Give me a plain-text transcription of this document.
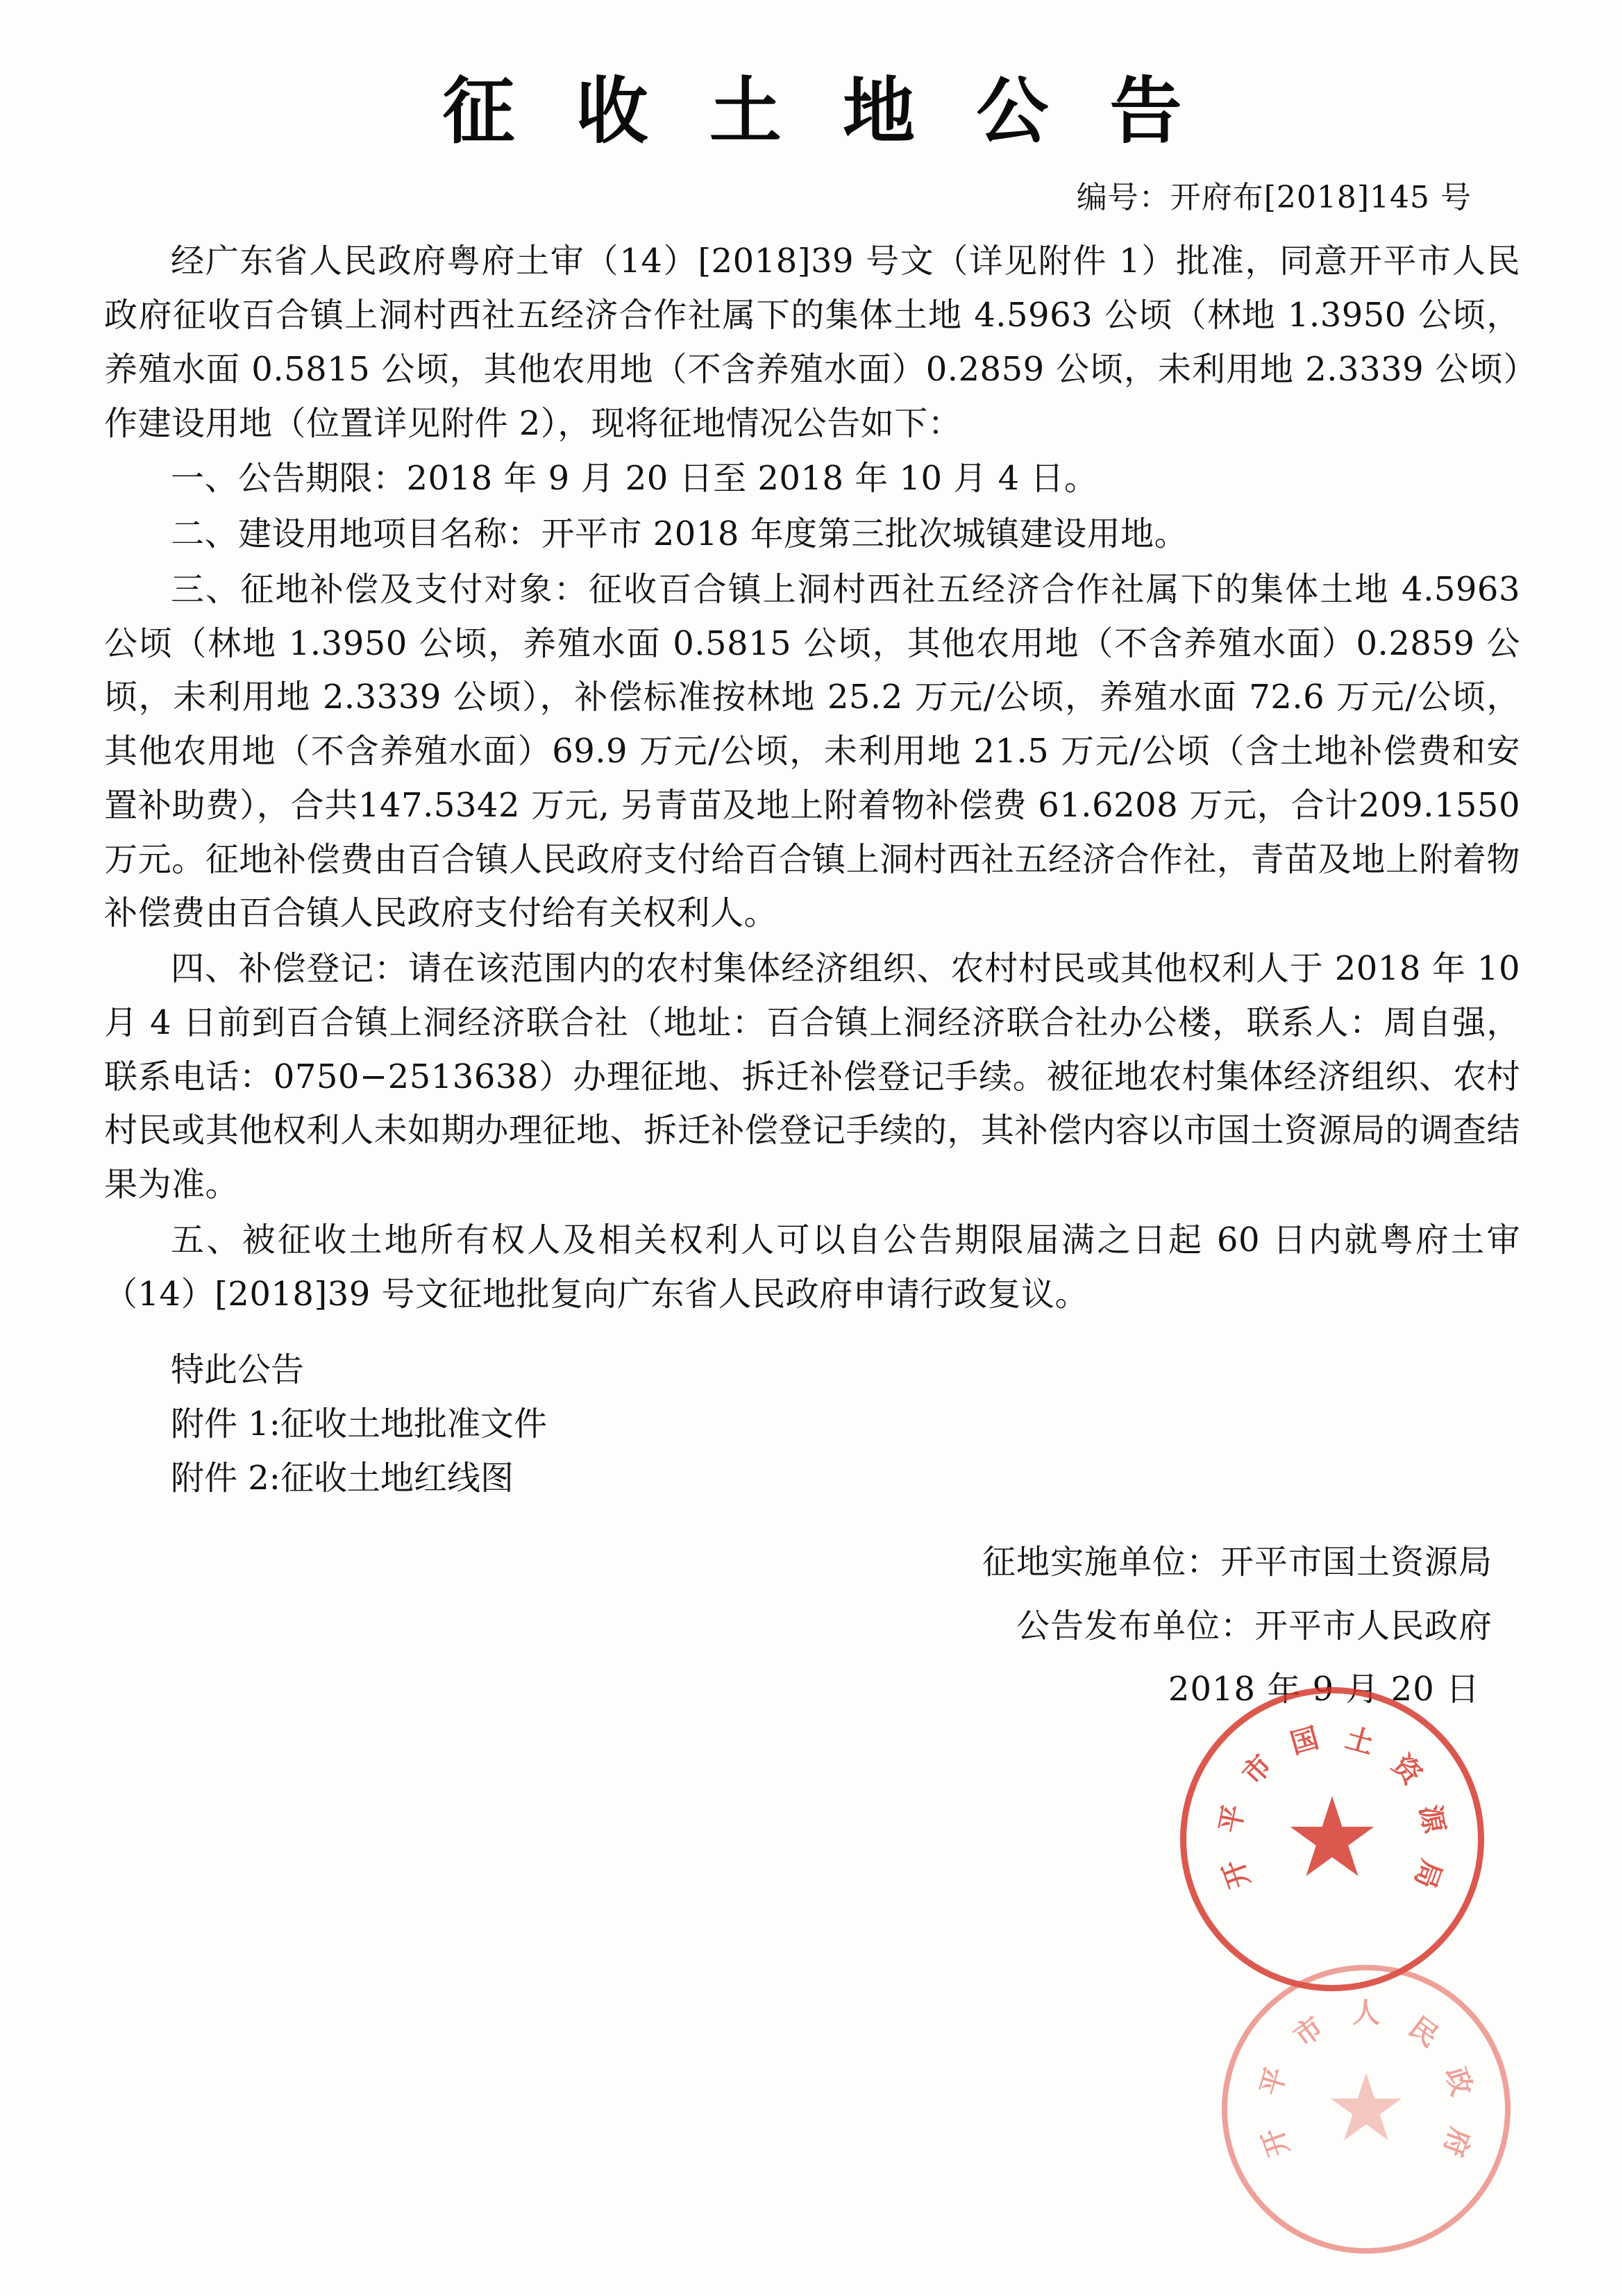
征 收 土 地 公 告
编号：开府布[2018]145 号

经广东省人民政府粤府土审（14）[2018]39 号文（详见附件 1）批准，同意开平市人民政府征收百合镇上洞村西社五经济合作社属下的集体土地 4.5963 公顷（林地 1.3950 公顷，养殖水面 0.5815 公顷，其他农用地（不含养殖水面）0.2859 公顷，未利用地 2.3339 公顷）作建设用地（位置详见附件 2），现将征地情况公告如下：

一、公告期限：2018 年 9 月 20 日至 2018 年 10 月 4 日。

二、建设用地项目名称：开平市 2018 年度第三批次城镇建设用地。

三、征地补偿及支付对象：征收百合镇上洞村西社五经济合作社属下的集体土地 4.5963 公顷（林地 1.3950 公顷，养殖水面 0.5815 公顷，其他农用地（不含养殖水面）0.2859 公顷，未利用地 2.3339 公顷），补偿标准按林地 25.2 万元/公顷，养殖水面 72.6 万元/公顷，其他农用地（不含养殖水面）69.9 万元/公顷，未利用地 21.5 万元/公顷（含土地补偿费和安置补助费），合共147.5342 万元, 另青苗及地上附着物补偿费 61.6208 万元，合计209.1550 万元。征地补偿费由百合镇人民政府支付给百合镇上洞村西社五经济合作社，青苗及地上附着物补偿费由百合镇人民政府支付给有关权利人。

四、补偿登记：请在该范围内的农村集体经济组织、农村村民或其他权利人于 2018 年 10 月 4 日前到百合镇上洞经济联合社（地址：百合镇上洞经济联合社办公楼，联系人：周自强，联系电话：0750−2513638）办理征地、拆迁补偿登记手续。被征地农村集体经济组织、农村村民或其他权利人未如期办理征地、拆迁补偿登记手续的，其补偿内容以市国土资源局的调查结果为准。

五、被征收土地所有权人及相关权利人可以自公告期限届满之日起 60 日内就粤府土审（14）[2018]39 号文征地批复向广东省人民政府申请行政复议。

特此公告

附件 1:征收土地批准文件

附件 2:征收土地红线图

征地实施单位：开平市国土资源局

公告发布单位：开平市人民政府

2018 年 9 月 20 日

开
平
市
国 土
资
源
局
★
开
平
市 人 民
政
府
★
